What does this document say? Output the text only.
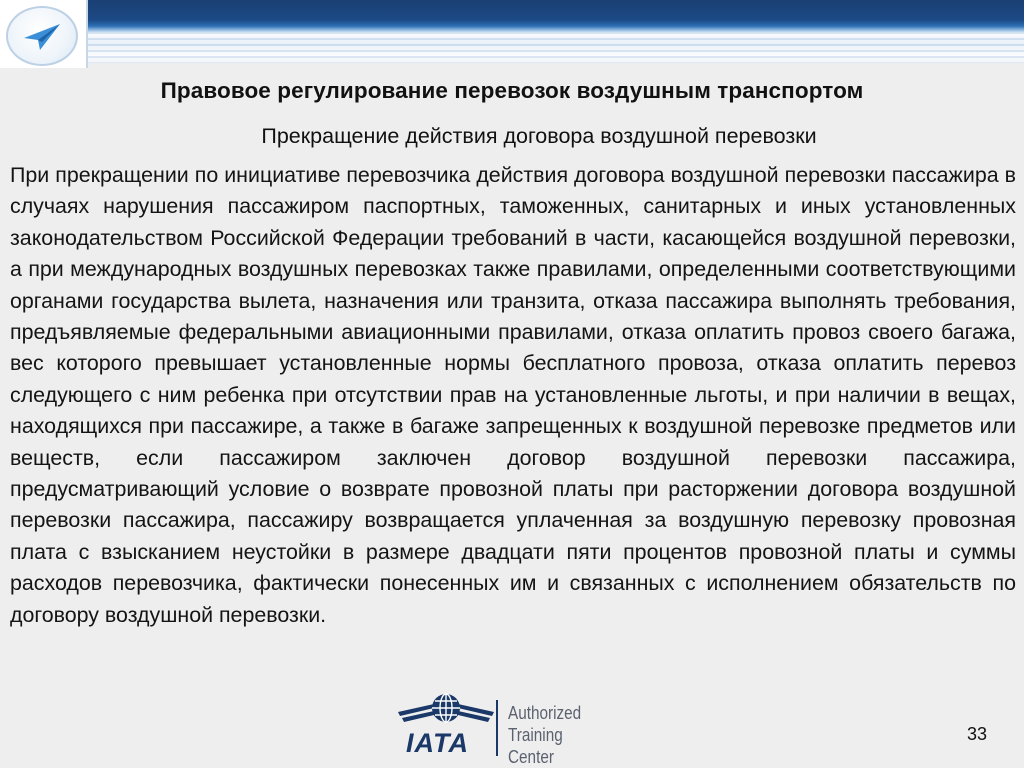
Правовое регулирование перевозок воздушным транспортом
Прекращение действия договора воздушной перевозки

При прекращении по инициативе перевозчика действия договора воздушной перевозки пассажира в случаях нарушения пассажиром паспортных, таможенных, санитарных и иных установленных законодательством Российской Федерации требований в части, касающейся воздушной перевозки, а при международных воздушных перевозках также правилами, определенными соответствующими органами государства вылета, назначения или транзита, отказа пассажира выполнять требования, предъявляемые федеральными авиационными правилами, отказа оплатить провоз своего багажа, вес которого превышает установленные нормы бесплатного провоза, отказа оплатить перевоз следующего с ним ребенка при отсутствии прав на установленные льготы, и при наличии в вещах, находящихся при пассажире, а также в багаже запрещенных к воздушной перевозке предметов или веществ, если пассажиром заключен договор воздушной перевозки пассажира, предусматривающий условие о возврате провозной платы при расторжении договора воздушной перевозки пассажира, пассажиру возвращается уплаченная за воздушную перевозку провозная плата с взысканием неустойки в размере двадцати пяти процентов провозной платы и суммы расходов перевозчика, фактически понесенных им и связанных с исполнением обязательств по договору воздушной перевозки.

IATA
Authorized
Training Center
33
